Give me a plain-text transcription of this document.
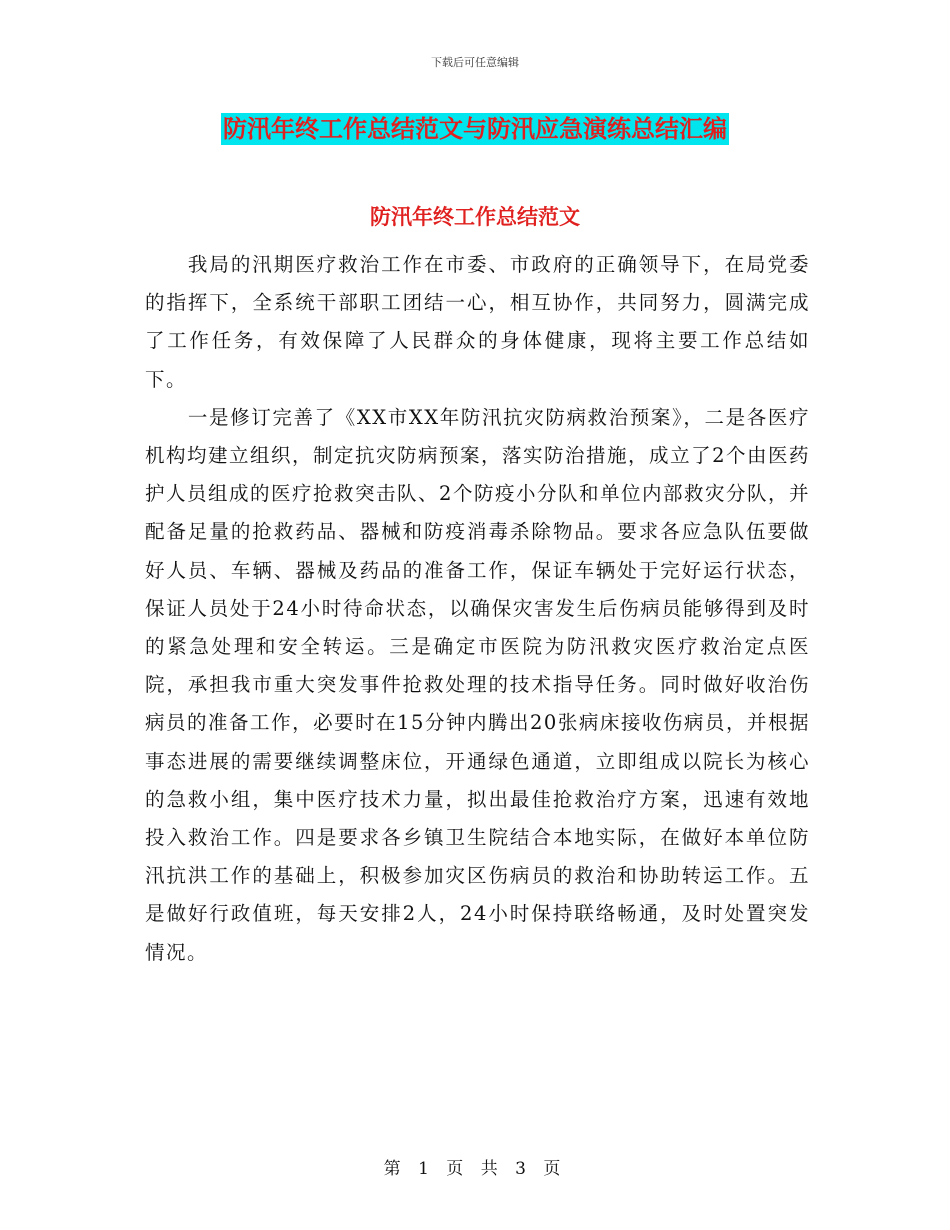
下载后可任意编辑
防汛年终工作总结范文与防汛应急演练总结汇编
防汛年终工作总结范文

我局的汛期医疗救治工作在市委、市政府的正确领导下，在局党委的指挥下，全系统干部职工团结一心，相互协作，共同努力，圆满完成了工作任务，有效保障了人民群众的身体健康，现将主要工作总结如下。

一是修订完善了《XX市XX年防汛抗灾防病救治预案》，二是各医疗机构均建立组织，制定抗灾防病预案，落实防治措施，成立了2个由医药护人员组成的医疗抢救突击队、2个防疫小分队和单位内部救灾分队，并配备足量的抢救药品、器械和防疫消毒杀除物品。要求各应急队伍要做好人员、车辆、器械及药品的准备工作，保证车辆处于完好运行状态，保证人员处于24小时待命状态，以确保灾害发生后伤病员能够得到及时的紧急处理和安全转运。三是确定市医院为防汛救灾医疗救治定点医院，承担我市重大突发事件抢救处理的技术指导任务。同时做好收治伤病员的准备工作，必要时在15分钟内腾出20张病床接收伤病员，并根据事态进展的需要继续调整床位，开通绿色通道，立即组成以院长为核心的急救小组，集中医疗技术力量，拟出最佳抢救治疗方案，迅速有效地投入救治工作。四是要求各乡镇卫生院结合本地实际，在做好本单位防汛抗洪工作的基础上，积极参加灾区伤病员的救治和协助转运工作。五是做好行政值班，每天安排2人，24小时保持联络畅通，及时处置突发情况。

第 1 页 共 3 页
